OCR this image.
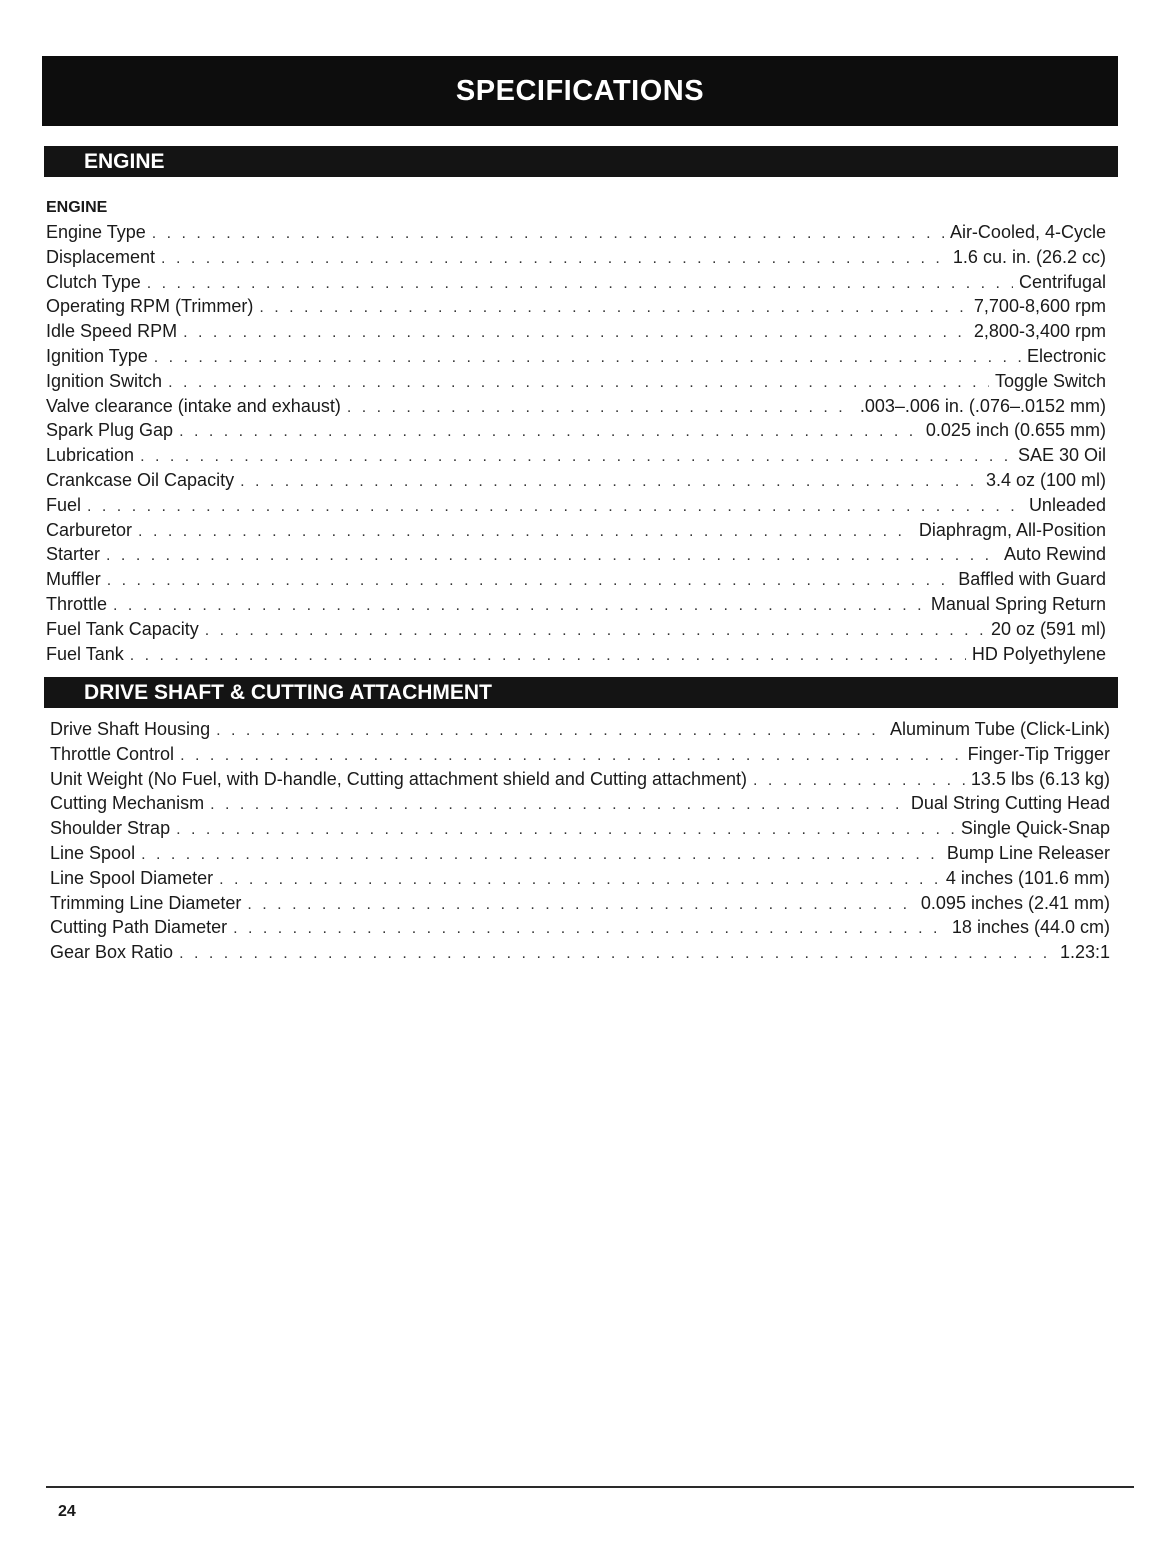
SPECIFICATIONS
ENGINE
ENGINE
Engine Type . . .	Air-Cooled, 4-Cycle
Displacement . . .	1.6 cu. in. (26.2 cc)
Clutch Type . . .	Centrifugal
Operating RPM (Trimmer) . . .	7,700-8,600 rpm
Idle Speed RPM . . .	2,800-3,400 rpm
Ignition Type . . .	Electronic
Ignition Switch . . .	Toggle Switch
Valve clearance (intake and exhaust) . . .	.003–.006 in. (.076–.0152 mm)
Spark Plug Gap . . .	0.025 inch (0.655 mm)
Lubrication . . .	SAE 30 Oil
Crankcase Oil Capacity . . .	3.4 oz (100 ml)
Fuel . . .	Unleaded
Carburetor . . .	Diaphragm, All-Position
Starter . . .	Auto Rewind
Muffler . . .	Baffled with Guard
Throttle . . .	Manual Spring Return
Fuel Tank Capacity . . .	20 oz (591 ml)
Fuel Tank . . .	HD Polyethylene
DRIVE SHAFT & CUTTING ATTACHMENT
Drive Shaft Housing . . .	Aluminum Tube (Click-Link)
Throttle Control . . .	Finger-Tip Trigger
Unit Weight (No Fuel, with D-handle, Cutting attachment shield and Cutting attachment) . . .	13.5 lbs (6.13 kg)
Cutting Mechanism . . .	Dual String Cutting Head
Shoulder Strap . . .	Single Quick-Snap
Line Spool . . .	Bump Line Releaser
Line Spool Diameter . . .	4 inches (101.6 mm)
Trimming Line Diameter . . .	0.095 inches (2.41 mm)
Cutting Path Diameter . . .	18 inches (44.0 cm)
Gear Box Ratio . . .	1.23:1
24
